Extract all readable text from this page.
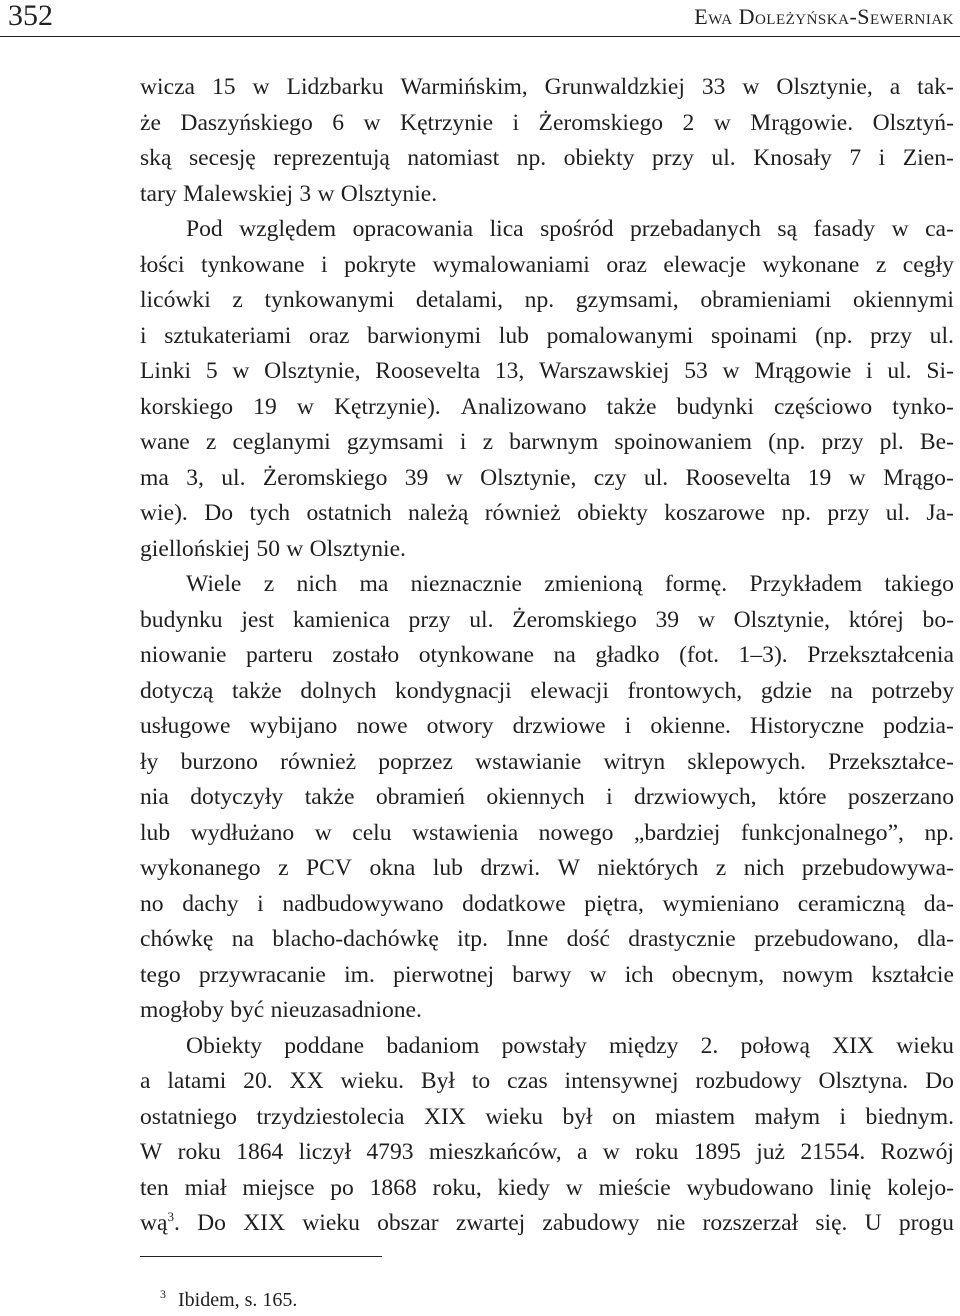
352	Ewa Doleżyńska-Sewerniak
wicza 15 w Lidzbarku Warmińskim, Grunwaldzkiej 33 w Olsztynie, a tak-
że Daszyńskiego 6 w Kętrzynie i Żeromskiego 2 w Mrągowie. Olsztyń-
ską secesję reprezentują natomiast np. obiekty przy ul. Knosały 7 i Zien-
tary Malewskiej 3 w Olsztynie.
Pod względem opracowania lica spośród przebadanych są fasady w ca-
łości tynkowane i pokryte wymalowaniami oraz elewacje wykonane z cegły
licówki z tynkowanymi detalami, np. gzymsami, obramieniami okiennymi
i sztukateriami oraz barwionymi lub pomalowanymi spoinami (np. przy ul.
Linki 5 w Olsztynie, Roosevelta 13, Warszawskiej 53 w Mrągowie i ul. Si-
korskiego 19 w Kętrzynie). Analizowano także budynki częściowo tynko-
wane z ceglanymi gzymsami i z barwnym spoinowaniem (np. przy pl. Be-
ma 3, ul. Żeromskiego 39 w Olsztynie, czy ul. Roosevelta 19 w Mrągo-
wie). Do tych ostatnich należą również obiekty koszarowe np. przy ul. Ja-
giellońskiej 50 w Olsztynie.
Wiele z nich ma nieznacznie zmienioną formę. Przykładem takiego
budynku jest kamienica przy ul. Żeromskiego 39 w Olsztynie, której bo-
niowanie parteru zostało otynkowane na gładko (fot. 1–3). Przekształcenia
dotyczą także dolnych kondygnacji elewacji frontowych, gdzie na potrzeby
usługowe wybijano nowe otwory drzwiowe i okienne. Historyczne podzia-
ły burzono również poprzez wstawianie witryn sklepowych. Przekształce-
nia dotyczyły także obramień okiennych i drzwiowych, które poszerzano
lub wydłużano w celu wstawienia nowego „bardziej funkcjonalnego”, np.
wykonanego z PCV okna lub drzwi. W niektórych z nich przebudowywa-
no dachy i nadbudowywano dodatkowe piętra, wymieniano ceramiczną da-
chówkę na blacho-dachówkę itp. Inne dość drastycznie przebudowano, dla-
tego przywracanie im. pierwotnej barwy w ich obecnym, nowym kształcie
mogłoby być nieuzasadnione.
Obiekty poddane badaniom powstały między 2. połową XIX wieku
a latami 20. XX wieku. Był to czas intensywnej rozbudowy Olsztyna. Do
ostatniego trzydziestolecia XIX wieku był on miastem małym i biednym.
W roku 1864 liczył 4793 mieszkańców, a w roku 1895 już 21554. Rozwój
ten miał miejsce po 1868 roku, kiedy w mieście wybudowano linię kolejo-
wą$^3$. Do XIX wieku obszar zwartej zabudowy nie rozszerzał się. U progu
$^3$ Ibidem, s. 165.
